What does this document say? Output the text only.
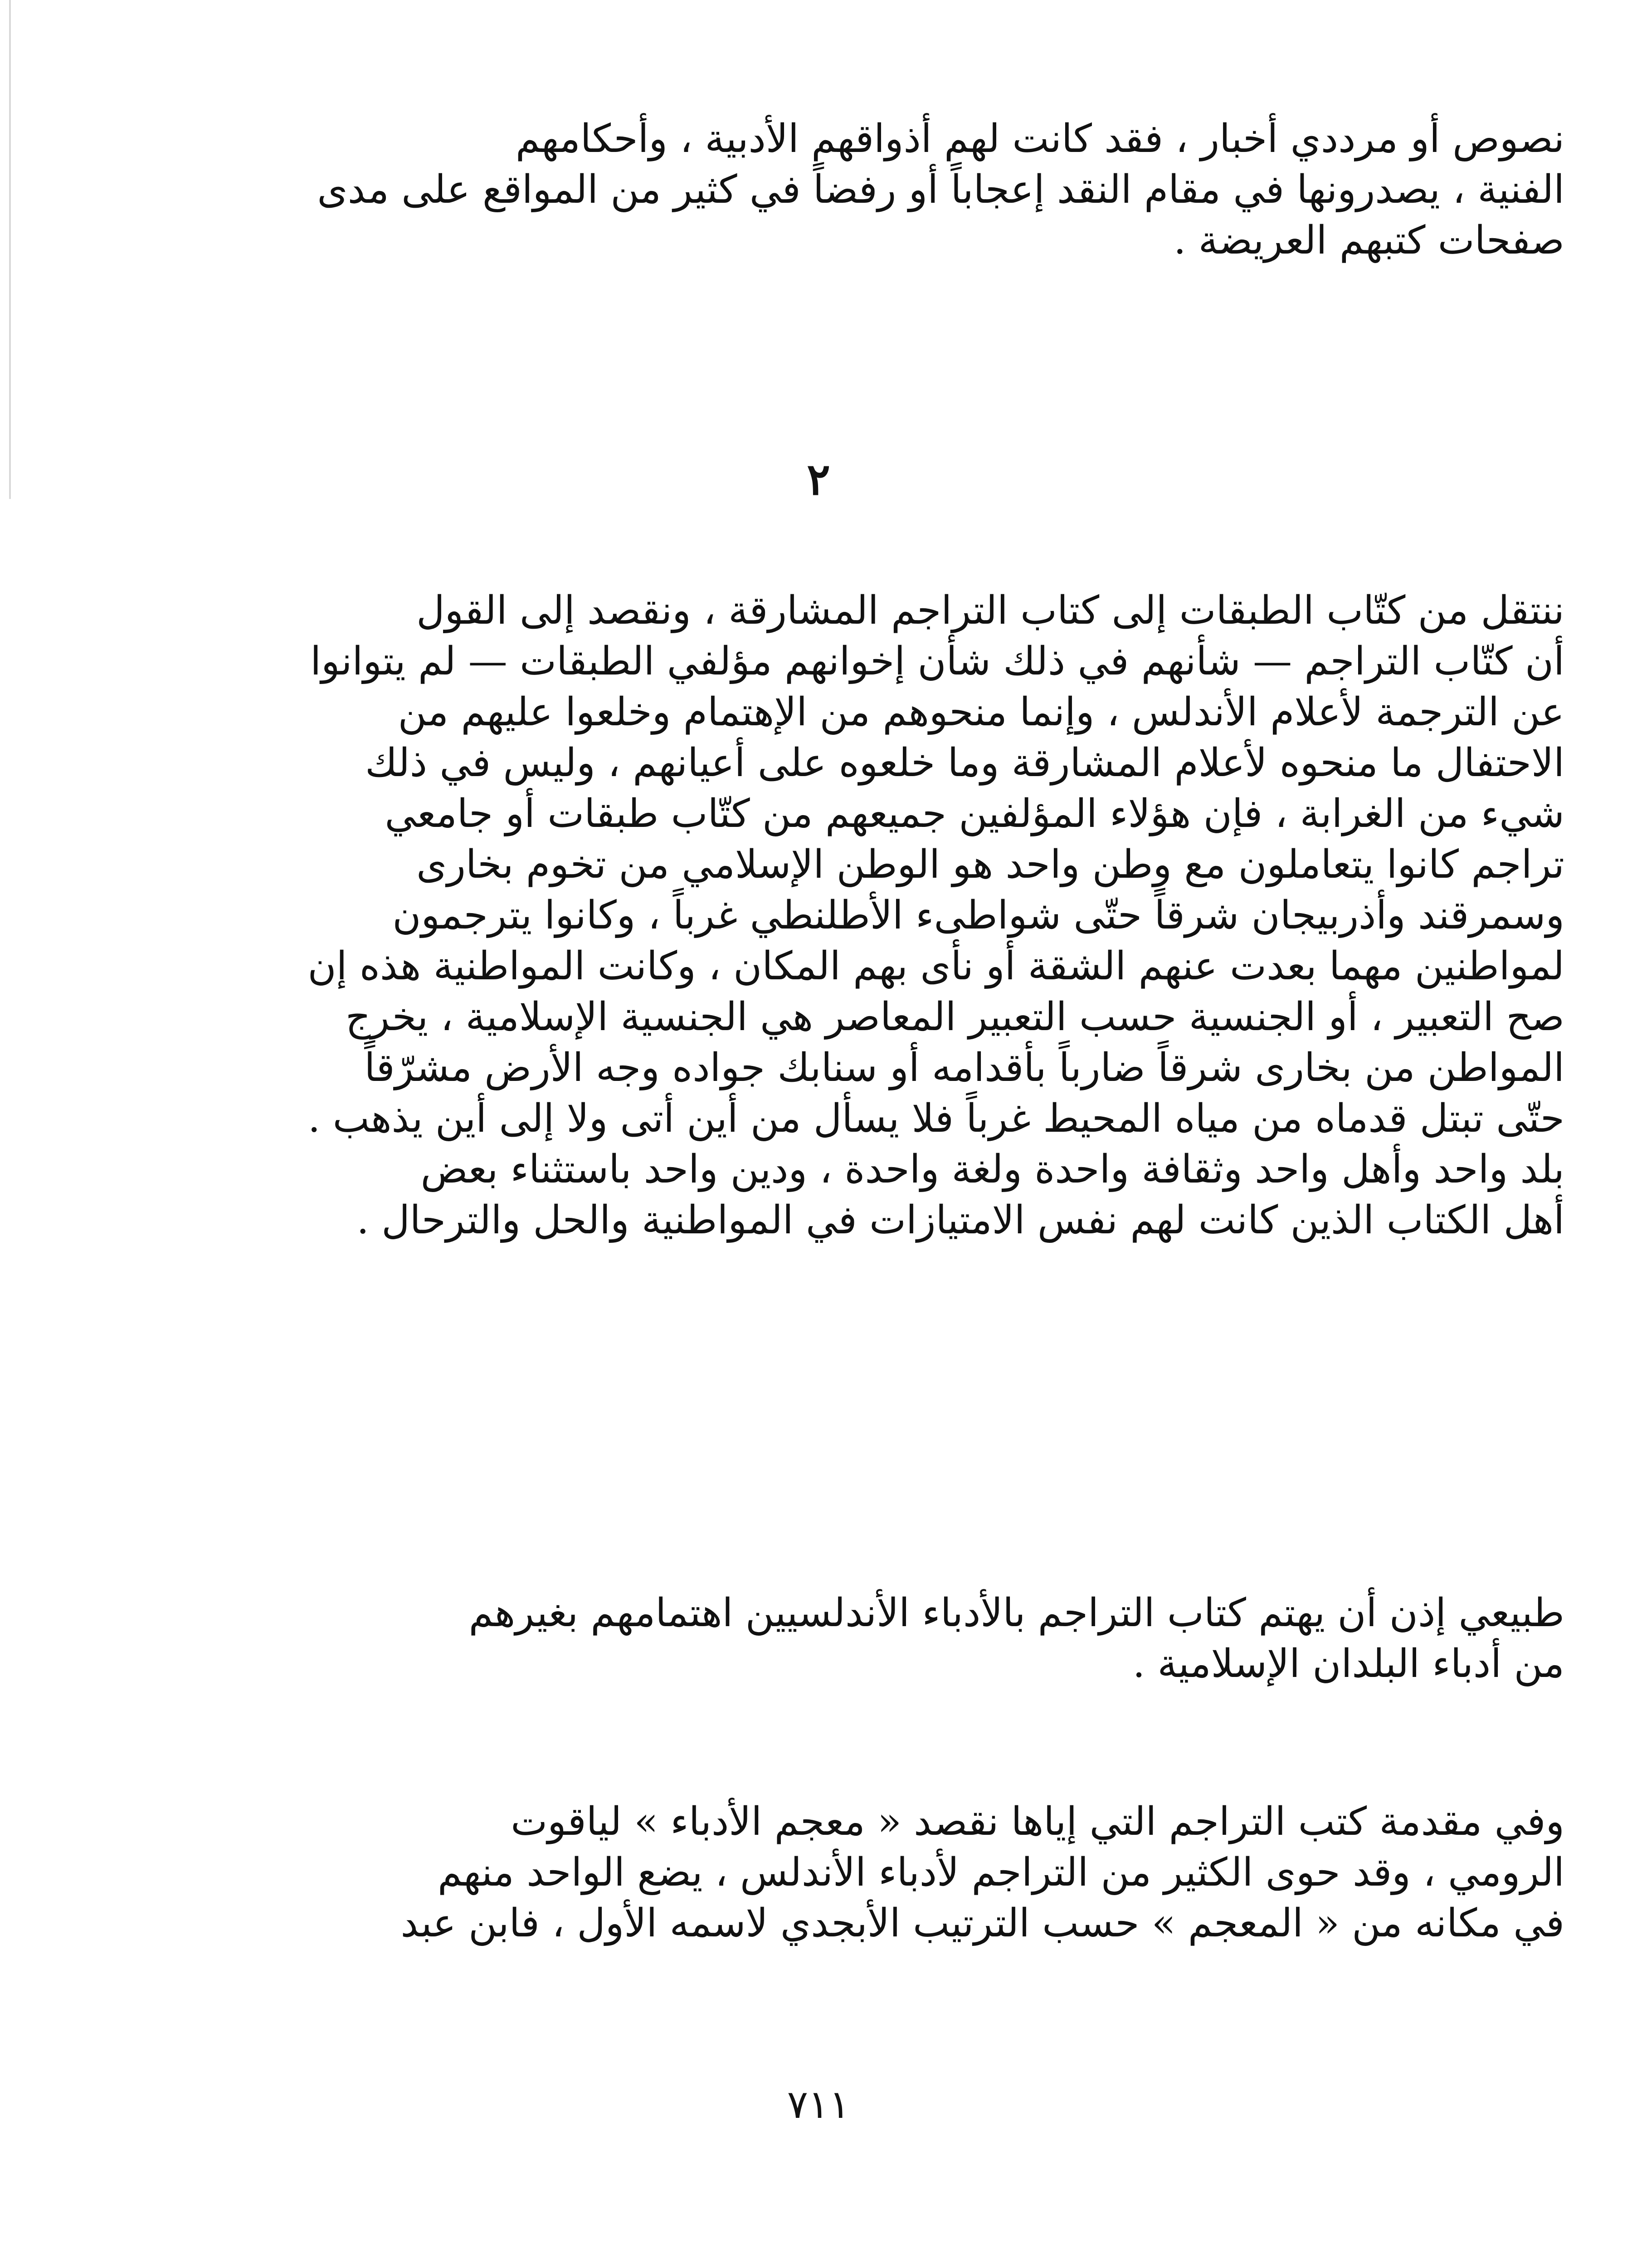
نصوص أو مرددي أخبار ، فقد كانت لهم أذواقهم الأدبية ، وأحكامهم
الفنية ، يصدرونها في مقام النقد إعجاباً أو رفضاً في كثير من المواقع على مدى
صفحات كتبهم العريضة .
٢
ننتقل من كتّاب الطبقات إلى كتاب التراجم المشارقة ، ونقصد إلى القول
أن كتّاب التراجم — شأنهم في ذلك شأن إخوانهم مؤلفي الطبقات — لم يتوانوا
عن الترجمة لأعلام الأندلس ، وإنما منحوهم من الإهتمام وخلعوا عليهم من
الاحتفال ما منحوه لأعلام المشارقة وما خلعوه على أعيانهم ، وليس في ذلك
شيء من الغرابة ، فإن هؤلاء المؤلفين جميعهم من كتّاب طبقات أو جامعي
تراجم كانوا يتعاملون مع وطن واحد هو الوطن الإسلامي من تخوم بخارى
وسمرقند وأذربيجان شرقاً حتّى شواطىء الأطلنطي غرباً ، وكانوا يترجمون
لمواطنين مهما بعدت عنهم الشقة أو نأى بهم المكان ، وكانت المواطنية هذه إن
صح التعبير ، أو الجنسية حسب التعبير المعاصر هي الجنسية الإسلامية ، يخرج
المواطن من بخارى شرقاً ضارباً بأقدامه أو سنابك جواده وجه الأرض مشرّقاً
حتّى تبتل قدماه من مياه المحيط غرباً فلا يسأل من أين أتى ولا إلى أين يذهب .
بلد واحد وأهل واحد وثقافة واحدة ولغة واحدة ، ودين واحد باستثناء بعض
أهل الكتاب الذين كانت لهم نفس الامتيازات في المواطنية والحل والترحال .
طبيعي إذن أن يهتم كتاب التراجم بالأدباء الأندلسيين اهتمامهم بغيرهم
من أدباء البلدان الإسلامية .
وفي مقدمة كتب التراجم التي إياها نقصد « معجم الأدباء » لياقوت
الرومي ، وقد حوى الكثير من التراجم لأدباء الأندلس ، يضع الواحد منهم
في مكانه من « المعجم » حسب الترتيب الأبجدي لاسمه الأول ، فابن عبد
٧١١
